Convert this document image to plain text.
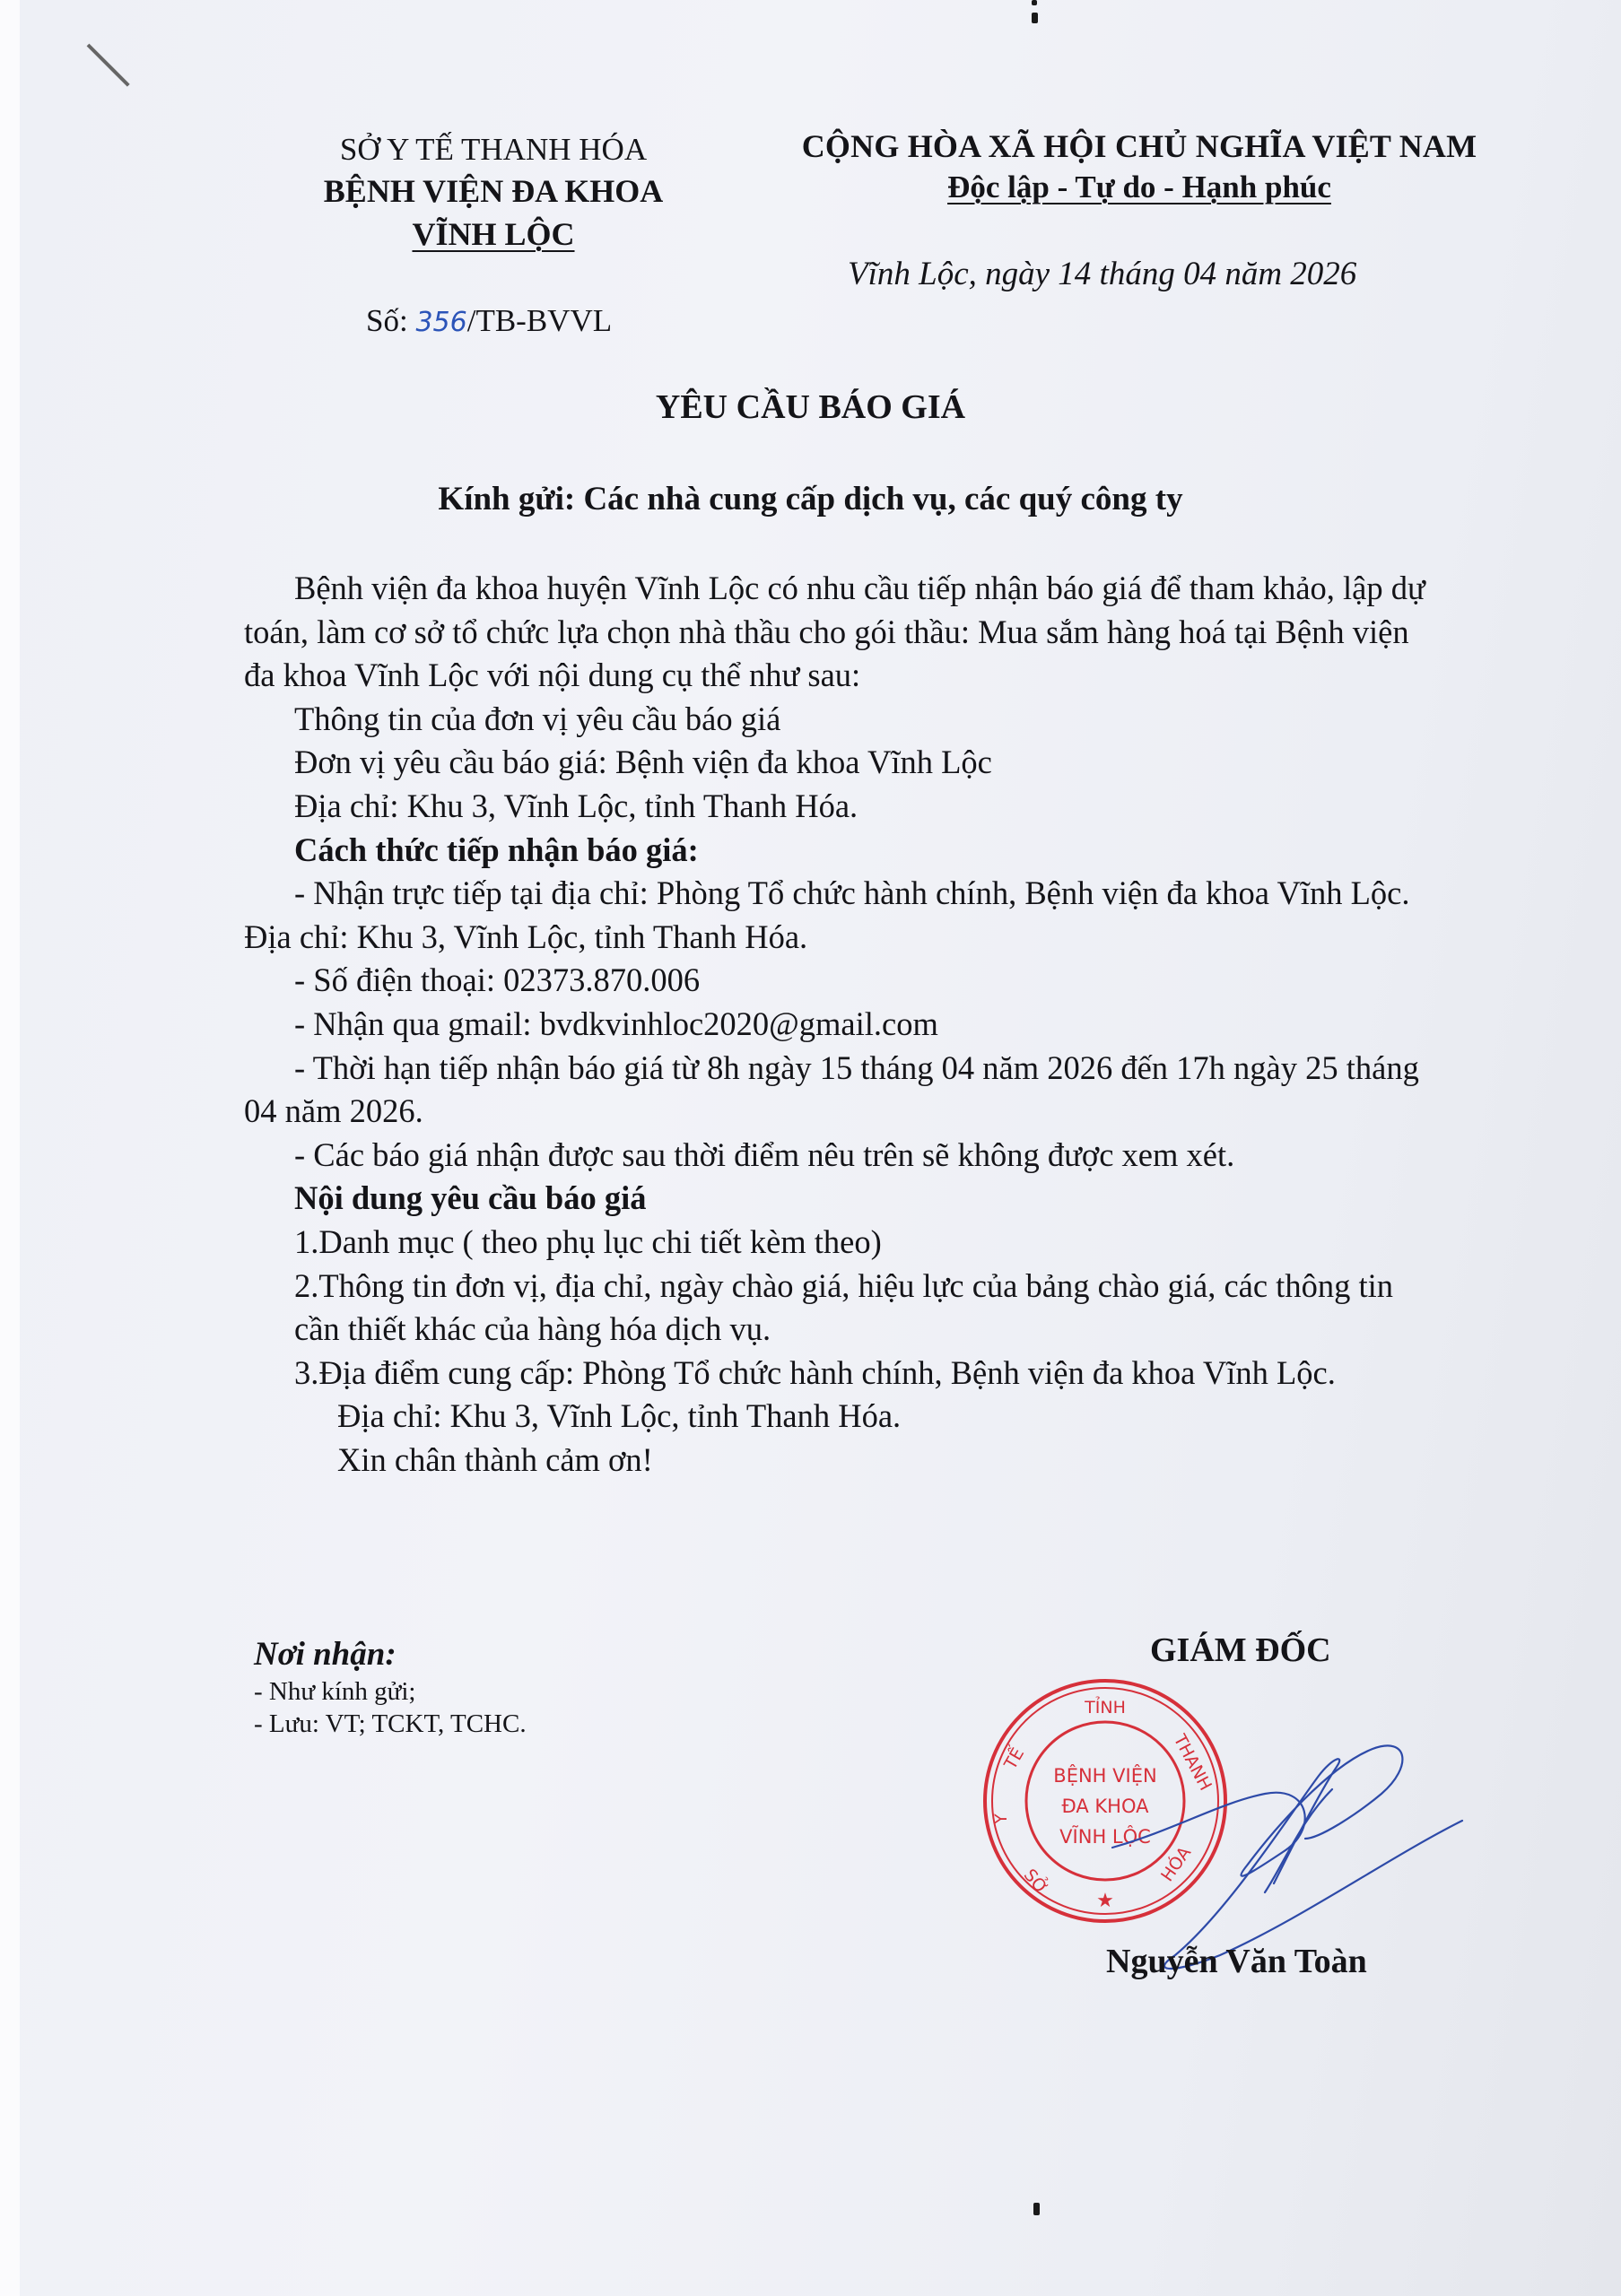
SỞ Y TẾ THANH HÓA
BỆNH VIỆN ĐA KHOA
VĨNH LỘC
Số: 356/TB-BVVL
CỘNG HÒA XÃ HỘI CHỦ NGHĨA VIỆT NAM
Độc lập - Tự do - Hạnh phúc
Vĩnh Lộc, ngày 14 tháng 04 năm 2026
YÊU CẦU BÁO GIÁ
Kính gửi: Các nhà cung cấp dịch vụ, các quý công ty

Bệnh viện đa khoa huyện Vĩnh Lộc có nhu cầu tiếp nhận báo giá để tham khảo, lập dự toán, làm cơ sở tổ chức lựa chọn nhà thầu cho gói thầu: Mua sắm hàng hoá tại Bệnh viện đa khoa Vĩnh Lộc với nội dung cụ thể như sau:

Thông tin của đơn vị yêu cầu báo giá

Đơn vị yêu cầu báo giá: Bệnh viện đa khoa Vĩnh Lộc

Địa chỉ: Khu 3, Vĩnh Lộc, tỉnh Thanh Hóa.

Cách thức tiếp nhận báo giá:

- Nhận trực tiếp tại địa chỉ: Phòng Tổ chức hành chính, Bệnh viện đa khoa Vĩnh Lộc. Địa chỉ: Khu 3, Vĩnh Lộc, tỉnh Thanh Hóa.

- Số điện thoại: 02373.870.006

- Nhận qua gmail: bvdkvinhloc2020@gmail.com

- Thời hạn tiếp nhận báo giá từ 8h ngày 15 tháng 04 năm 2026 đến 17h ngày 25 tháng 04 năm 2026.

- Các báo giá nhận được sau thời điểm nêu trên sẽ không được xem xét.

Nội dung yêu cầu báo giá

1.Danh mục ( theo phụ lục chi tiết kèm theo)

2.Thông tin đơn vị, địa chỉ, ngày chào giá, hiệu lực của bảng chào giá, các thông tin cần thiết khác của hàng hóa dịch vụ.

3.Địa điểm cung cấp: Phòng Tổ chức hành chính, Bệnh viện đa khoa Vĩnh Lộc.

Địa chỉ: Khu 3, Vĩnh Lộc, tỉnh Thanh Hóa.

Xin chân thành cảm ơn!

Nơi nhận:
- Như kính gửi;
- Lưu: VT; TCKT, TCHC.
GIÁM ĐỐC
TỈNH
BỆNH VIỆN
ĐA KHOA
VĨNH LỘC
TẾ
Y
SỞ
THANH
HÓA
★
Nguyễn Văn Toàn
